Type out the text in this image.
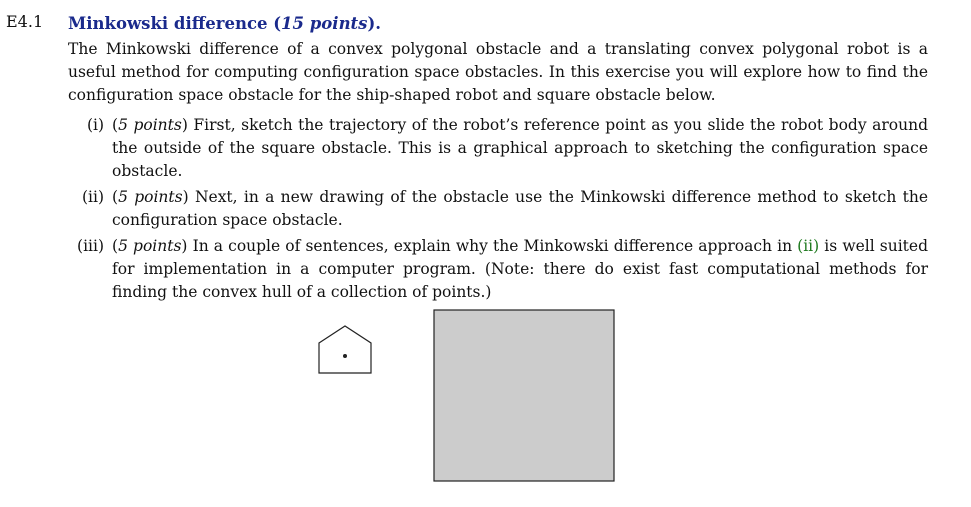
E4.1 Minkowski difference (15 points).

The Minkowski difference of a convex polygonal obstacle and a translating convex polygonal robot is a useful method for computing configuration space obstacles. In this exercise you will explore how to find the configuration space obstacle for the ship-shaped robot and square obstacle below.

(i) (5 points) First, sketch the trajectory of the robot’s reference point as you slide the robot body around the outside of the square obstacle. This is a graphical approach to sketching the configuration space obstacle.
(ii) (5 points) Next, in a new drawing of the obstacle use the Minkowski difference method to sketch the configuration space obstacle.
(iii) (5 points) In a couple of sentences, explain why the Minkowski difference approach in (ii) is well suited for implementation in a computer program. (Note: there do exist fast computational methods for finding the convex hull of a collection of points.)
